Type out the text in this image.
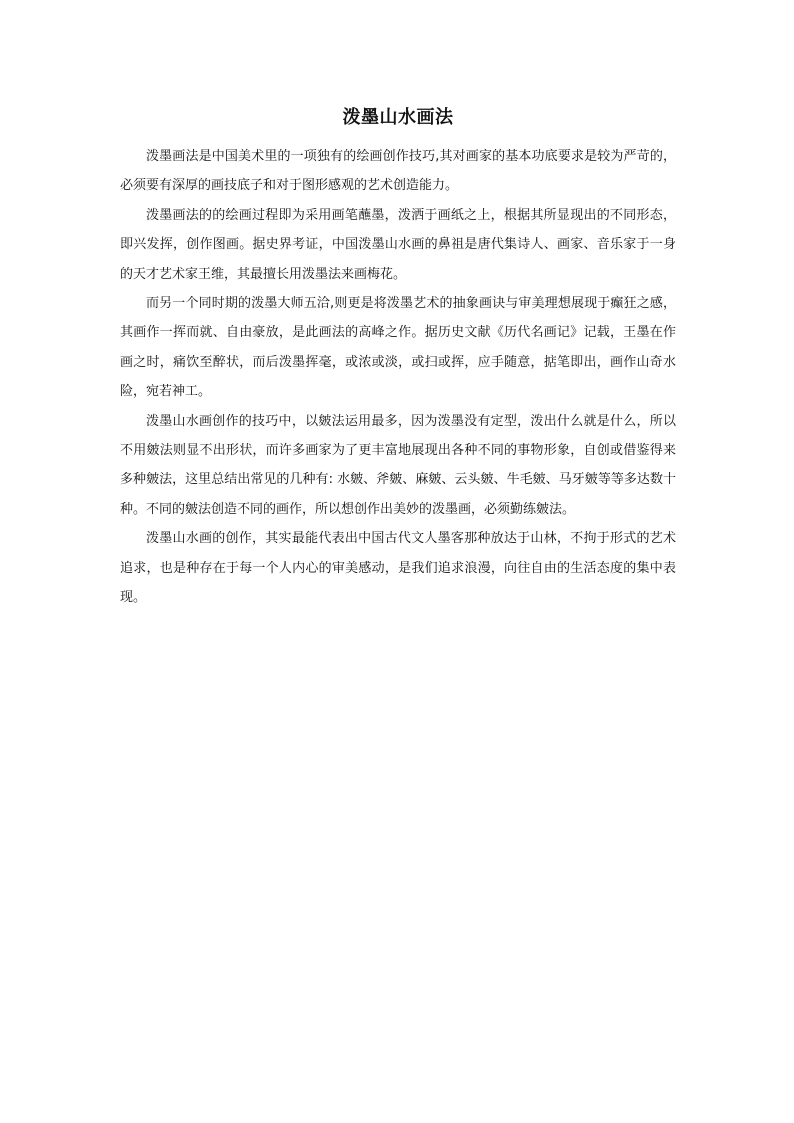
泼墨山水画法

泼墨画法是中国美术里的一项独有的绘画创作技巧,其对画家的基本功底要求是较为严苛的，必须要有深厚的画技底子和对于图形感观的艺术创造能力。

泼墨画法的的绘画过程即为采用画笔蘸墨，泼洒于画纸之上，根据其所显现出的不同形态，即兴发挥，创作图画。据史界考证，中国泼墨山水画的鼻祖是唐代集诗人、画家、音乐家于一身的天才艺术家王维，其最擅长用泼墨法来画梅花。

而另一个同时期的泼墨大师五洽,则更是将泼墨艺术的抽象画诀与审美理想展现于癫狂之感，其画作一挥而就、自由豪放，是此画法的高峰之作。据历史文献《历代名画记》记载，王墨在作画之时，痛饮至醉状，而后泼墨挥毫，或浓或淡，或扫或挥，应手随意，掂笔即出，画作山奇水险，宛若神工。

泼墨山水画创作的技巧中，以皴法运用最多，因为泼墨没有定型，泼出什么就是什么，所以不用皴法则显不出形状，而许多画家为了更丰富地展现出各种不同的事物形象，自创或借鉴得来多种皴法，这里总结出常见的几种有: 水皴、斧皴、麻皴、云头皴、牛毛皴、马牙皴等等多达数十种。不同的皴法创造不同的画作，所以想创作出美妙的泼墨画，必须勤练皴法。

泼墨山水画的创作，其实最能代表出中国古代文人墨客那种放达于山林，不拘于形式的艺术追求，也是种存在于每一个人内心的审美感动，是我们追求浪漫，向往自由的生活态度的集中表现。
